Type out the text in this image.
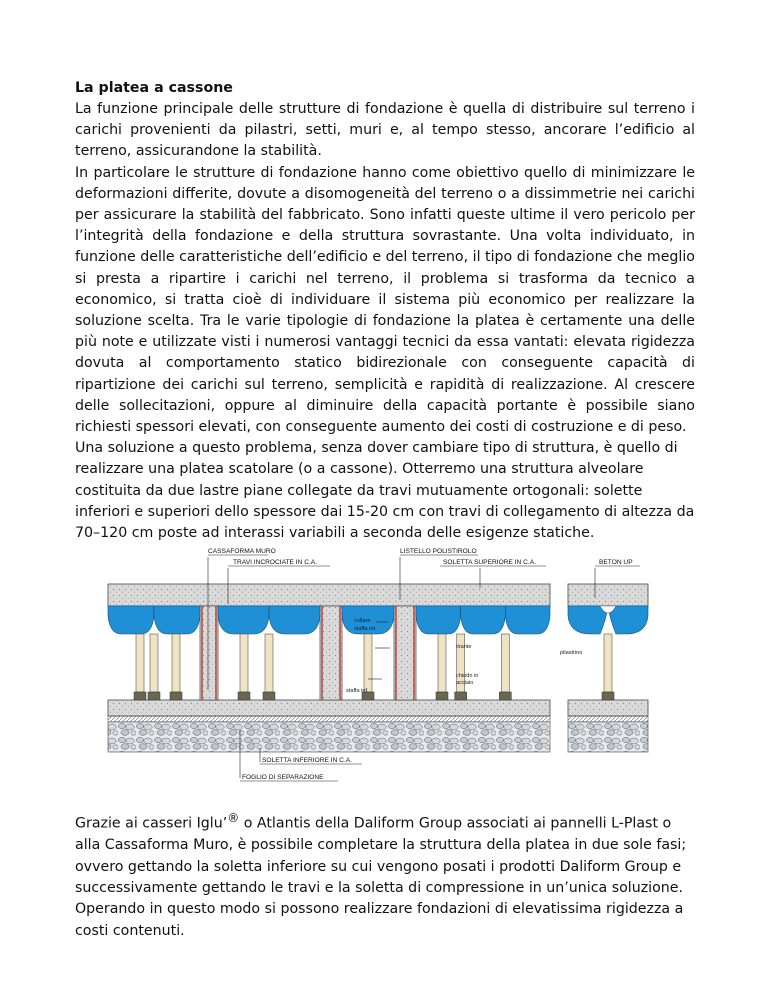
La platea a cassone

La funzione principale delle strutture di fondazione è quella di distribuire sul terreno i carichi provenienti da pilastri, setti, muri e, al tempo stesso, ancorare l’edificio al terreno, assicurandone la stabilità.

In particolare le strutture di fondazione hanno come obiettivo quello di minimizzare le deformazioni differite, dovute a disomogeneità del terreno o a dissimmetrie nei carichi per assicurare la stabilità del fabbricato. Sono infatti queste ultime il vero pericolo per l’integrità della fondazione e della struttura sovrastante. Una volta individuato, in funzione delle caratteristiche dell’edificio e del terreno, il tipo di fondazione che meglio si presta a ripartire i carichi nel terreno, il problema si trasforma da tecnico a economico, si tratta cioè di individuare il sistema più economico per realizzare la soluzione scelta. Tra le varie tipologie di fondazione la platea è certamente una delle più note e utilizzate visti i numerosi vantaggi tecnici da essa vantati: elevata rigidezza dovuta al comportamento statico bidirezionale con conseguente capacità di ripartizione dei carichi sul terreno, semplicità e rapidità di realizzazione. Al crescere delle sollecitazioni, oppure al diminuire della capacità portante è possibile siano richiesti spessori elevati, con conseguente aumento dei costi di costruzione e di peso.

Una soluzione a questo problema, senza dover cambiare tipo di struttura, è quello di realizzare una platea scatolare (o a cassone). Otterremo una struttura alveolare costituita da due lastre piane collegate da travi mutuamente ortogonali: solette inferiori e superiori dello spessore dai 15-20 cm con travi di collegamento di altezza da 70–120 cm poste ad interassi variabili a seconda delle esigenze statiche.

CASSAFORMA MURO
TRAVI INCROCIATE IN C.A.
LISTELLO POLISTIROLO
SOLETTA SUPERIORE IN C.A.	BETON UP
collare
staffa int.
tirante
pilastrino
chiodo in
acciaio
staffa inf.
SOLETTA INFERIORE IN C.A.
FOGLIO DI SEPARAZIONE

Grazie ai casseri Iglu’® o Atlantis della Daliform Group associati ai pannelli L-Plast o alla Cassaforma Muro, è possibile completare la struttura della platea in due sole fasi; ovvero gettando la soletta inferiore su cui vengono posati i prodotti Daliform Group e successivamente gettando le travi e la soletta di compressione in un’unica soluzione. Operando in questo modo si possono realizzare fondazioni di elevatissima rigidezza a costi contenuti.
